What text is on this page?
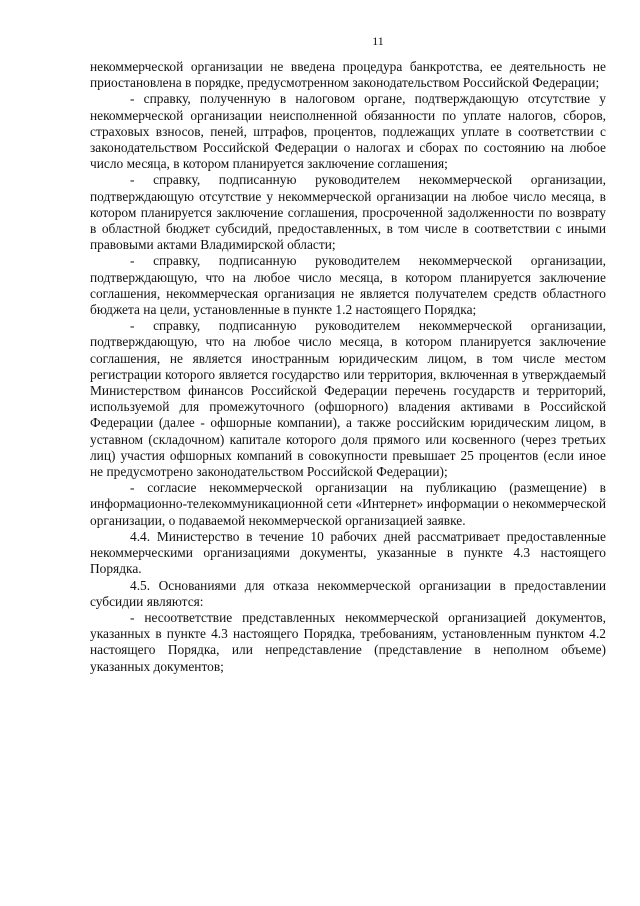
11

некоммерческой организации не введена процедура банкротства, ее деятельность не приостановлена в порядке, предусмотренном законодательством Российской Федерации;

- справку, полученную в налоговом органе, подтверждающую отсутствие у некоммерческой организации неисполненной обязанности по уплате налогов, сборов, страховых взносов, пеней, штрафов, процентов, подлежащих уплате в соответствии с законодательством Российской Федерации о налогах и сборах по состоянию на любое число месяца, в котором планируется заключение соглашения;

- справку, подписанную руководителем некоммерческой организации, подтверждающую отсутствие у некоммерческой организации на любое число месяца, в котором планируется заключение соглашения, просроченной задолженности по возврату в областной бюджет субсидий, предоставленных, в том числе в соответствии с иными правовыми актами Владимирской области;

- справку, подписанную руководителем некоммерческой организации, подтверждающую, что на любое число месяца, в котором планируется заключение соглашения, некоммерческая организация не является получателем средств областного бюджета на цели, установленные в пункте 1.2 настоящего Порядка;

- справку, подписанную руководителем некоммерческой организации, подтверждающую, что на любое число месяца, в котором планируется заключение соглашения, не является иностранным юридическим лицом, в том числе местом регистрации которого является государство или территория, включенная в утверждаемый Министерством финансов Российской Федерации перечень государств и территорий, используемой для промежуточного (офшорного) владения активами в Российской Федерации (далее - офшорные компании), а также российским юридическим лицом, в уставном (складочном) капитале которого доля прямого или косвенного (через третьих лиц) участия офшорных компаний в совокупности превышает 25 процентов (если иное не предусмотрено законодательством Российской Федерации);

- согласие некоммерческой организации на публикацию (размещение) в информационно-телекоммуникационной сети «Интернет» информации о некоммерческой организации, о подаваемой некоммерческой организацией заявке.

4.4. Министерство в течение 10 рабочих дней рассматривает предоставленные некоммерческими организациями документы, указанные в пункте 4.3 настоящего Порядка.

4.5. Основаниями для отказа некоммерческой организации в предоставлении субсидии являются:

- несоответствие представленных некоммерческой организацией документов, указанных в пункте 4.3 настоящего Порядка, требованиям, установленным пунктом 4.2 настоящего Порядка, или непредставление (представление в неполном объеме) указанных документов;
